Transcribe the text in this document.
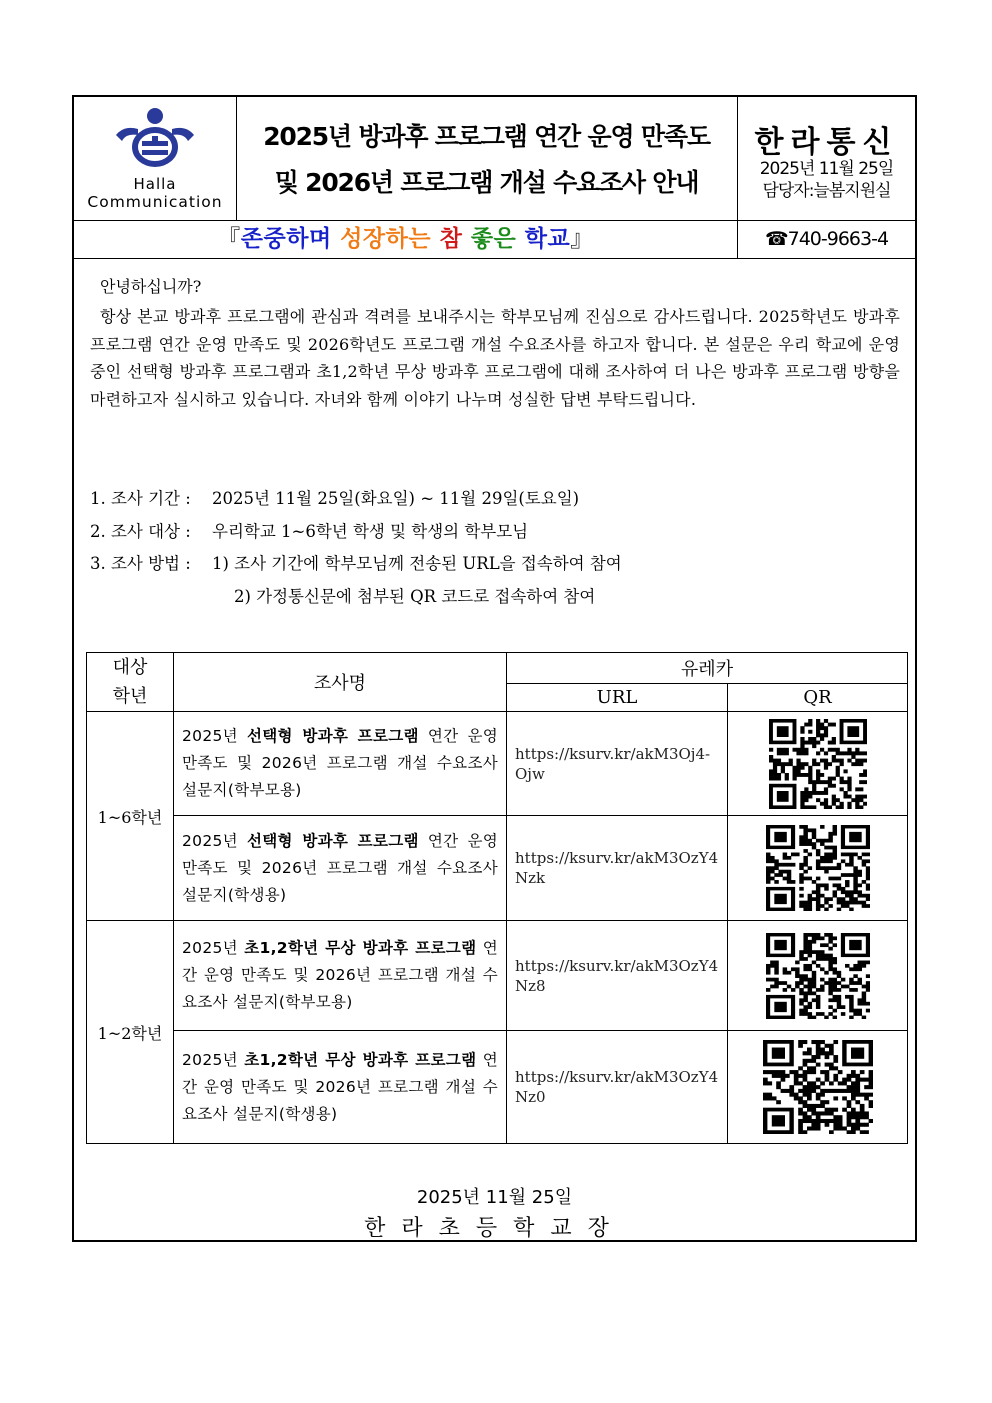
Halla
Communication
2025년 방과후 프로그램 연간 운영 만족도
및 2026년 프로그램 개설 수요조사 안내
한라통신
2025년 11월 25일
담당자:늘봄지원실
『존중하며 성장하는 참 좋은 학교』	☎740-9663-4
안녕하십니까?
항상 본교 방과후 프로그램에 관심과 격려를 보내주시는 학부모님께 진심으로 감사드립니다. 2025학년도 방과후 프로그램 연간 운영 만족도 및 2026학년도 프로그램 개설 수요조사를 하고자 합니다. 본 설문은 우리 학교에 운영중인 선택형 방과후 프로그램과 초1,2학년 무상 방과후 프로그램에 대해 조사하여 더 나은 방과후 프로그램 방향을 마련하고자 실시하고 있습니다. 자녀와 함께 이야기 나누며 성실한 답변 부탁드립니다.
1. 조사 기간 : 2025년 11월 25일(화요일) ~ 11월 29일(토요일)
2. 조사 대상 : 우리학교 1~6학년 학생 및 학생의 학부모님
3. 조사 방법 : 1) 조사 기간에 학부모님께 전송된 URL을 접속하여 참여
2) 가정통신문에 첨부된 QR 코드로 접속하여 참여
대상
학년	조사명	유레카	
		URL	QR
1~6학년	2025년 선택형 방과후 프로그램 연간 운영 만족도 및 2026년 프로그램 개설 수요조사 설문지(학부모용)	https://ksurv.kr/akM3Oj4-Ojw	
	2025년 선택형 방과후 프로그램 연간 운영 만족도 및 2026년 프로그램 개설 수요조사 설문지(학생용)	https://ksurv.kr/akM3OzY4Nzk	
1~2학년	2025년 초1,2학년 무상 방과후 프로그램 연간 운영 만족도 및 2026년 프로그램 개설 수요조사 설문지(학부모용)	https://ksurv.kr/akM3OzY4Nz8	
	2025년 초1,2학년 무상 방과후 프로그램 연간 운영 만족도 및 2026년 프로그램 개설 수요조사 설문지(학생용)	https://ksurv.kr/akM3OzY4Nz0	
2025년 11월 25일
한라초등학교장
